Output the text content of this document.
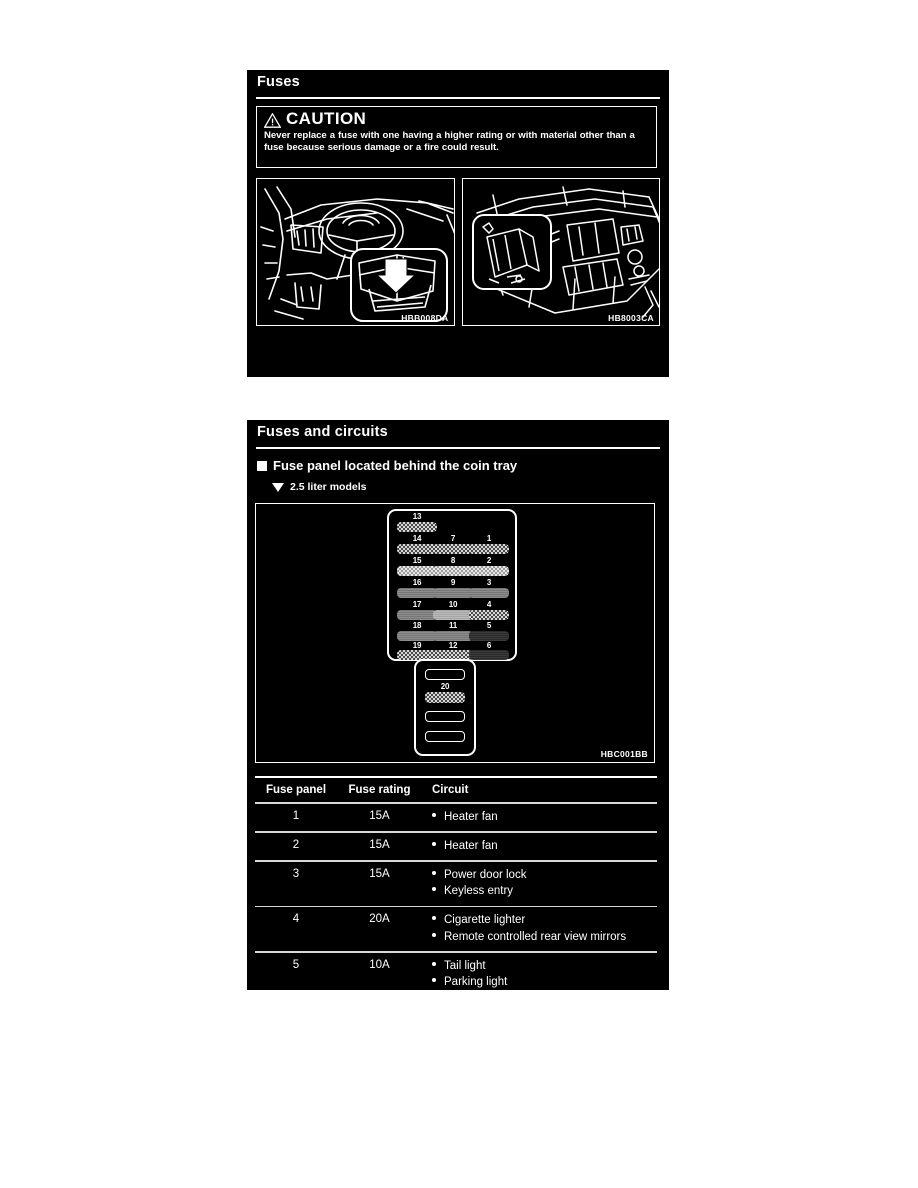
Fuses
CAUTION
Never replace a fuse with one having a higher rating or with material other than a fuse because serious damage or a fire could result.
HBB008DA	HB8003CA
Fuses and circuits
Fuse panel located behind the coin tray
2.5 liter models
13
14
15
16
17
18
19
7
8
9
10
11
12
1
2
3
4
5
6
20
HBC001BB
Fuse panel	Fuse rating	Circuit
1	15A	Heater fan
2	15A	Heater fan
3	15A	Power door lock
Keyless entry
4	20A	Cigarette lighter
Remote controlled rear view mirrors
5	10A	Tail light
Parking light
